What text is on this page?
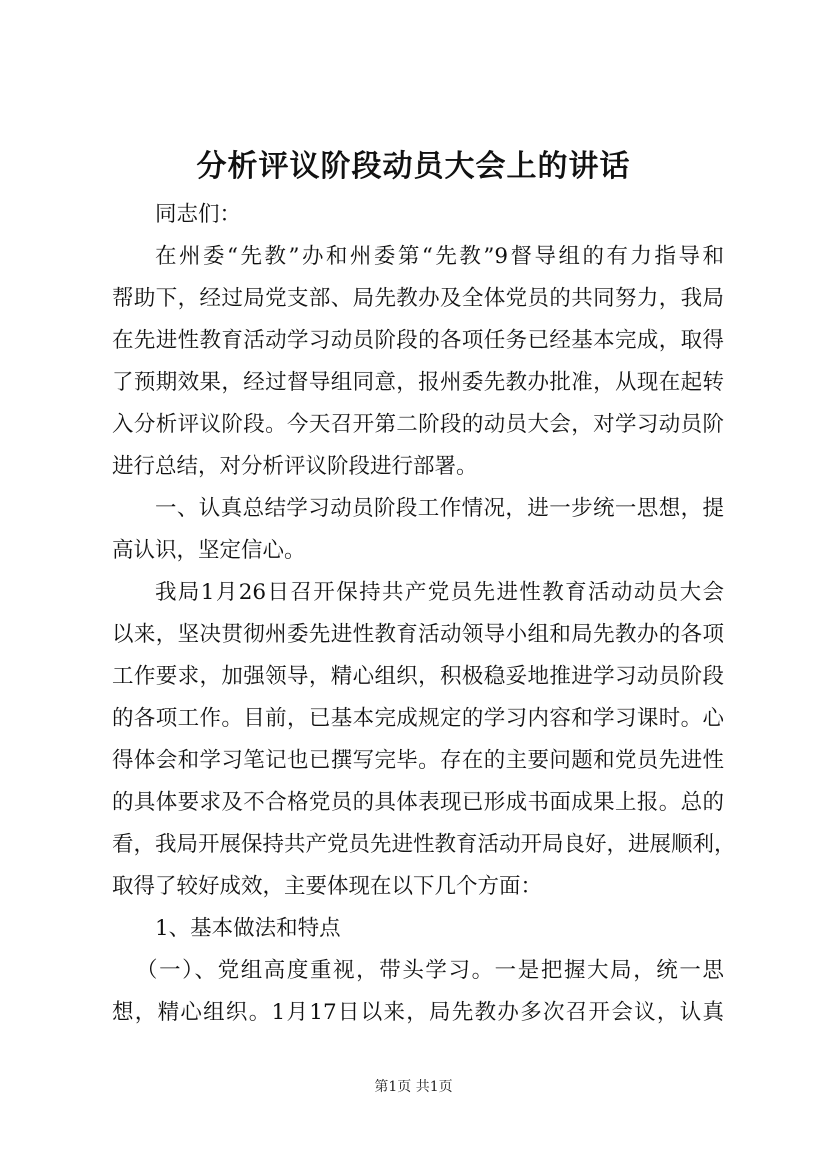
分析评议阶段动员大会上的讲话
同志们：
在州委“先教”办和州委第“先教”9督导组的有力指导和
帮助下，经过局党支部、局先教办及全体党员的共同努力，我局
在先进性教育活动学习动员阶段的各项任务已经基本完成，取得
了预期效果，经过督导组同意，报州委先教办批准，从现在起转
入分析评议阶段。今天召开第二阶段的动员大会，对学习动员阶
进行总结，对分析评议阶段进行部署。
一、认真总结学习动员阶段工作情况，进一步统一思想，提
高认识，坚定信心。
我局1月26日召开保持共产党员先进性教育活动动员大会
以来，坚决贯彻州委先进性教育活动领导小组和局先教办的各项
工作要求，加强领导，精心组织，积极稳妥地推进学习动员阶段
的各项工作。目前，已基本完成规定的学习内容和学习课时。心
得体会和学习笔记也已撰写完毕。存在的主要问题和党员先进性
的具体要求及不合格党员的具体表现已形成书面成果上报。总的
看，我局开展保持共产党员先进性教育活动开局良好，进展顺利，
取得了较好成效，主要体现在以下几个方面：
1、基本做法和特点
（一）、党组高度重视，带头学习。一是把握大局，统一思
想，精心组织。1月17日以来，局先教办多次召开会议，认真
第1页 共1页
